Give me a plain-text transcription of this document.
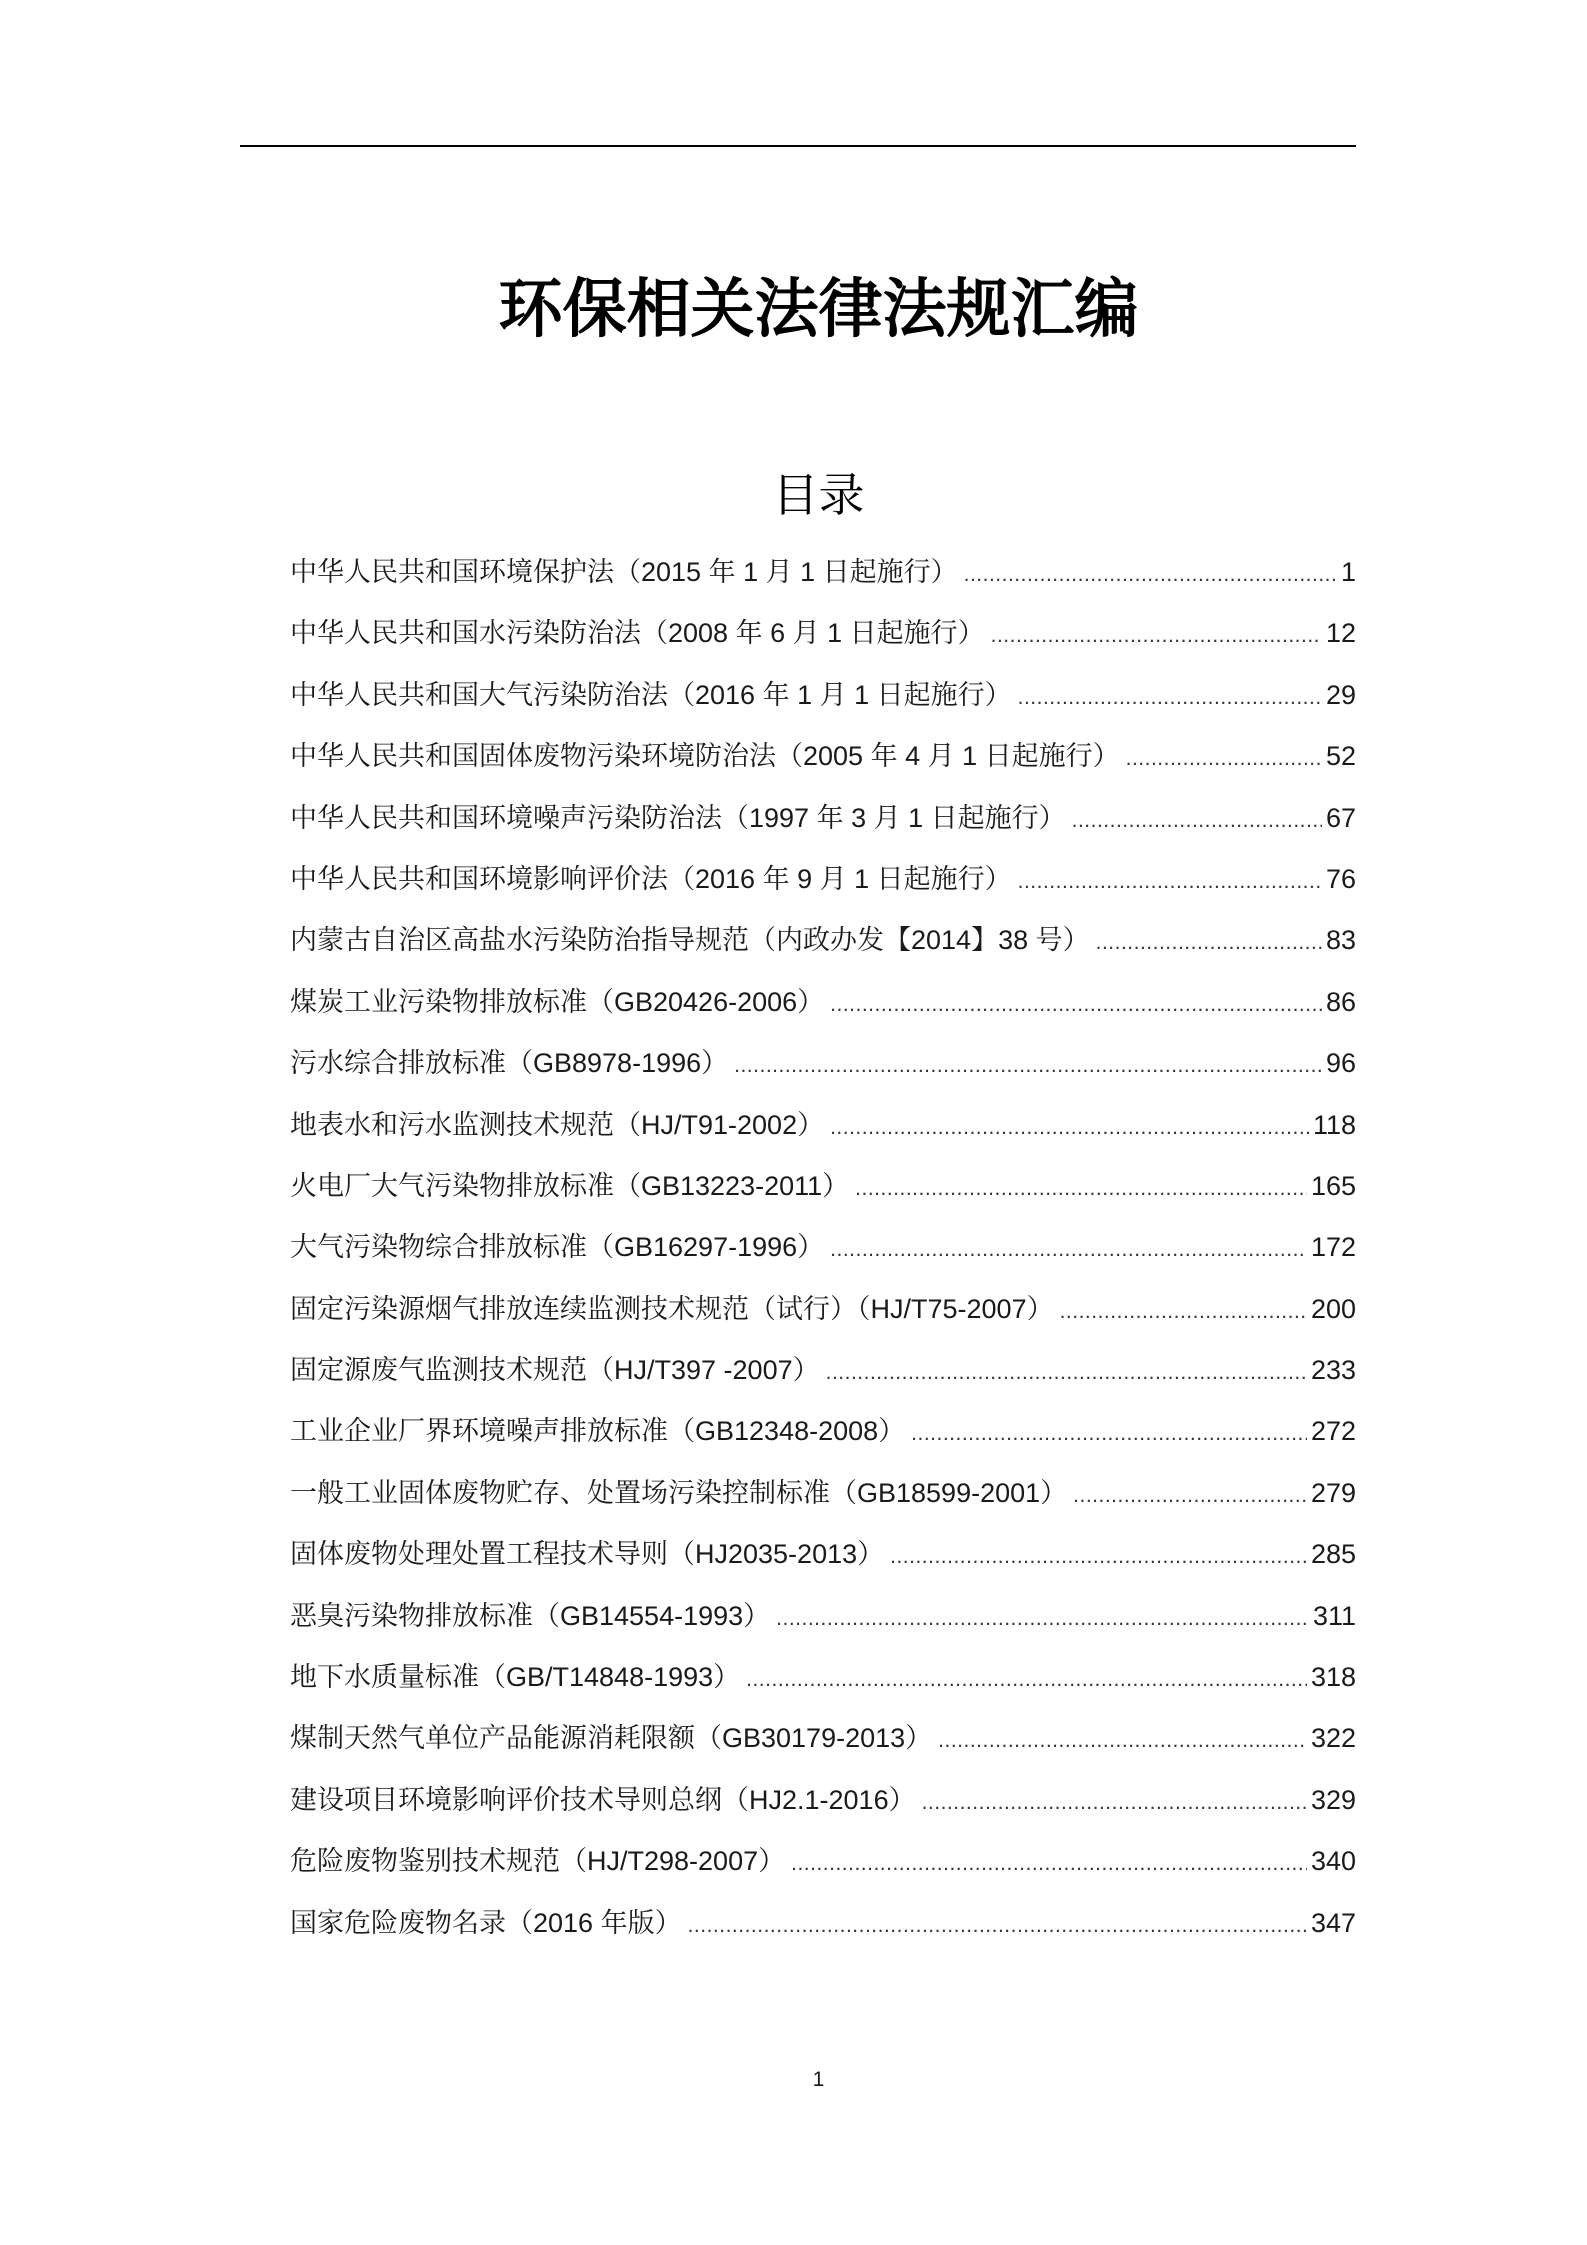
环保相关法律法规汇编
目录
中华人民共和国环境保护法（2015 年 1 月 1 日起施行） .....	1
中华人民共和国水污染防治法（2008 年 6 月 1 日起施行） .....	12
中华人民共和国大气污染防治法（2016 年 1 月 1 日起施行） .....	29
中华人民共和国固体废物污染环境防治法（2005 年 4 月 1 日起施行） .....	52
中华人民共和国环境噪声污染防治法（1997 年 3 月 1 日起施行） .....	67
中华人民共和国环境影响评价法（2016 年 9 月 1 日起施行） .....	76
内蒙古自治区高盐水污染防治指导规范（内政办发【2014】38 号） .....	83
煤炭工业污染物排放标准（GB20426-2006） .....	86
污水综合排放标准（GB8978-1996） .....	96
地表水和污水监测技术规范（HJ/T91-2002） .....	118
火电厂大气污染物排放标准（GB13223-2011） .....	165
大气污染物综合排放标准（GB16297-1996） .....	172
固定污染源烟气排放连续监测技术规范（试行）（HJ/T75-2007） .....	200
固定源废气监测技术规范（HJ/T397 -2007） .....	233
工业企业厂界环境噪声排放标准（GB12348-2008） .....	272
一般工业固体废物贮存、处置场污染控制标准（GB18599-2001） .....	279
固体废物处理处置工程技术导则（HJ2035-2013） .....	285
恶臭污染物排放标准（GB14554-1993） .....	311
地下水质量标准（GB/T14848-1993） .....	318
煤制天然气单位产品能源消耗限额（GB30179-2013） .....	322
建设项目环境影响评价技术导则总纲（HJ2.1-2016） .....	329
危险废物鉴别技术规范（HJ/T298-2007） .....	340
国家危险废物名录（2016 年版） .....	347
1
